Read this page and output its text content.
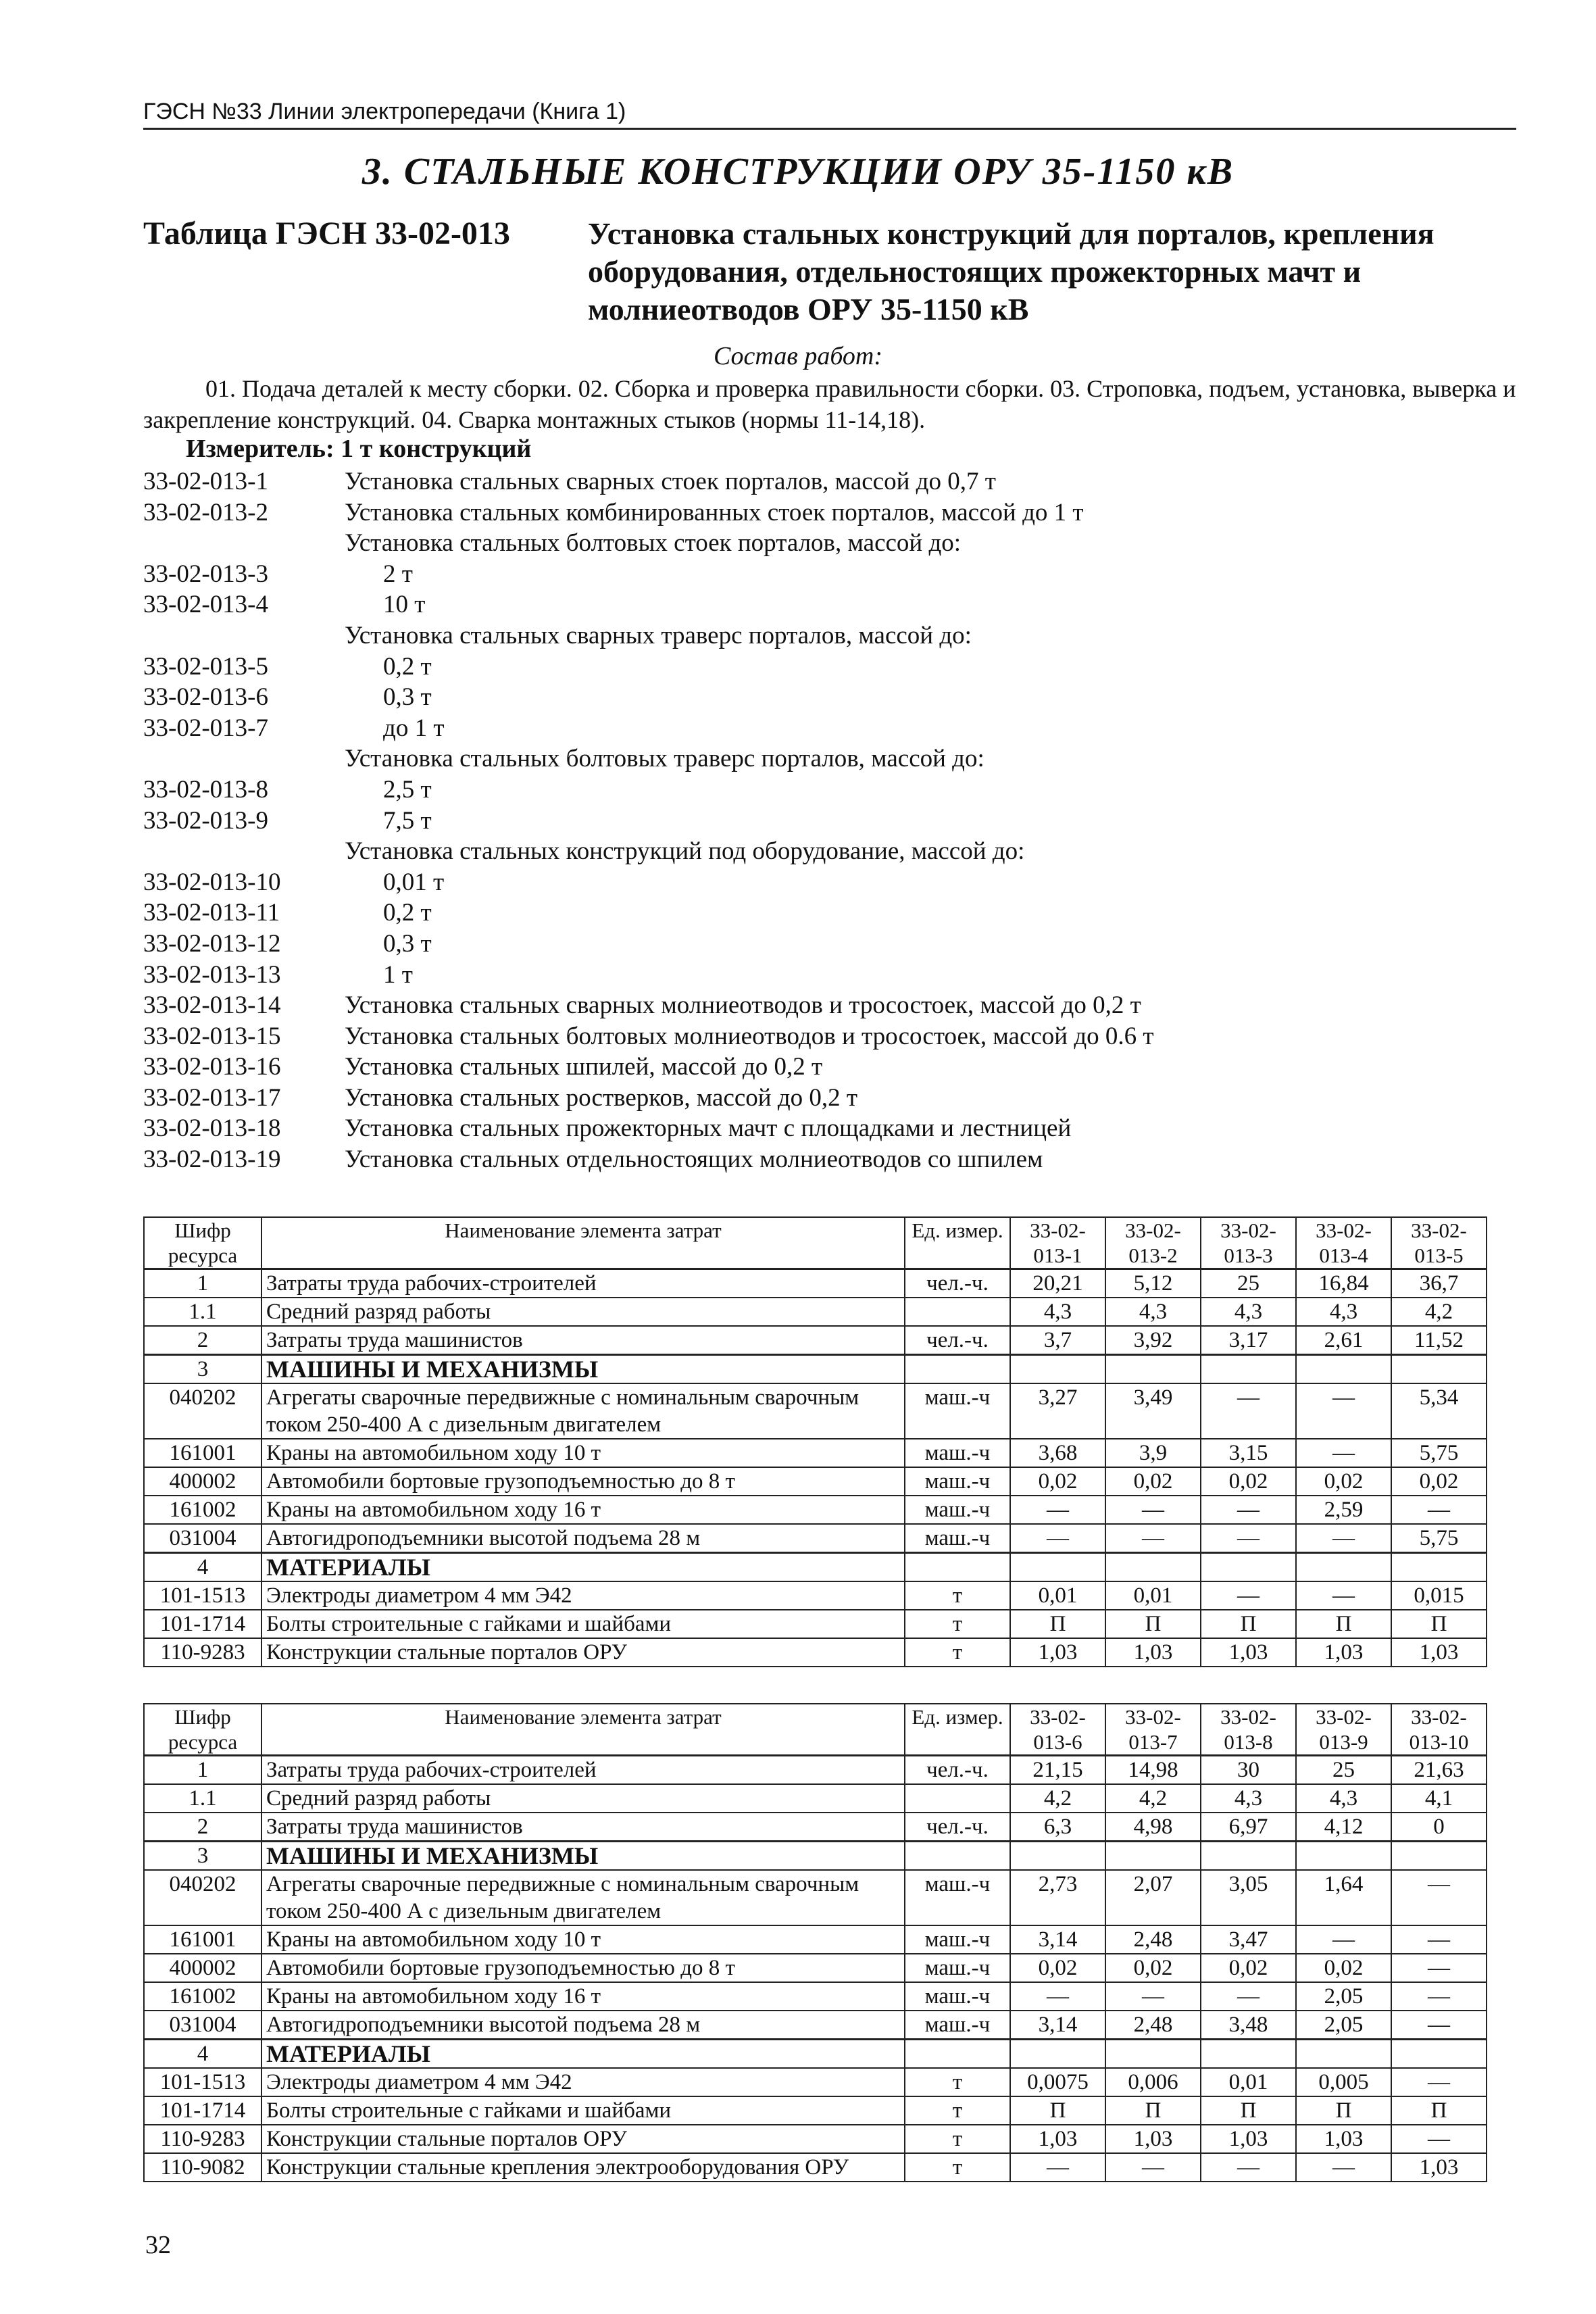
ГЭСН №33 Линии электропередачи (Книга 1)
3. СТАЛЬНЫЕ КОНСТРУКЦИИ ОРУ 35-1150 кВ
Таблица ГЭСН 33-02-013	Установка стальных конструкций для порталов, крепления оборудования, отдельностоящих прожекторных мачт и молниеотводов ОРУ 35-1150 кВ
Состав работ:
01. Подача деталей к месту сборки. 02. Сборка и проверка правильности сборки. 03. Строповка, подъем, установка, выверка и закрепление конструкций. 04. Сварка монтажных стыков (нормы 11-14,18).
Измеритель: 1 т конструкций
33-02-013-1	Установка стальных сварных стоек порталов, массой до 0,7 т
33-02-013-2	Установка стальных комбинированных стоек порталов, массой до 1 т
Установка стальных болтовых стоек порталов, массой до:
33-02-013-3	2 т
33-02-013-4	10 т
Установка стальных сварных траверс порталов, массой до:
33-02-013-5	0,2 т
33-02-013-6	0,3 т
33-02-013-7	до 1 т
Установка стальных болтовых траверс порталов, массой до:
33-02-013-8	2,5 т
33-02-013-9	7,5 т
Установка стальных конструкций под оборудование, массой до:
33-02-013-10	0,01 т
33-02-013-11	0,2 т
33-02-013-12	0,3 т
33-02-013-13	1 т
33-02-013-14	Установка стальных сварных молниеотводов и тросостоек, массой до 0,2 т
33-02-013-15	Установка стальных болтовых молниеотводов и тросостоек, массой до 0.6 т
33-02-013-16	Установка стальных шпилей, массой до 0,2 т
33-02-013-17	Установка стальных ростверков, массой до 0,2 т
33-02-013-18	Установка стальных прожекторных мачт с площадками и лестницей
33-02-013-19	Установка стальных отдельностоящих молниеотводов со шпилем
Шифр ресурса	Наименование элемента затрат	Ед. измер.	33-02-013-1	33-02-013-2	33-02-013-3	33-02-013-4	33-02-013-5
1	Затраты труда рабочих-строителей	чел.-ч.	20,21	5,12	25	16,84	36,7
1.1	Средний разряд работы		4,3	4,3	4,3	4,3	4,2
2	Затраты труда машинистов	чел.-ч.	3,7	3,92	3,17	2,61	11,52
3	МАШИНЫ И МЕХАНИЗМЫ						
040202	Агрегаты сварочные передвижные с номинальным сварочным током 250-400 А с дизельным двигателем	маш.-ч	3,27	3,49	—	—	5,34
161001	Краны на автомобильном ходу 10 т	маш.-ч	3,68	3,9	3,15	—	5,75
400002	Автомобили бортовые грузоподъемностью до 8 т	маш.-ч	0,02	0,02	0,02	0,02	0,02
161002	Краны на автомобильном ходу 16 т	маш.-ч	—	—	—	2,59	—
031004	Автогидроподъемники высотой подъема 28 м	маш.-ч	—	—	—	—	5,75
4	МАТЕРИАЛЫ						
101-1513	Электроды диаметром 4 мм Э42	т	0,01	0,01	—	—	0,015
101-1714	Болты строительные с гайками и шайбами	т	П	П	П	П	П
110-9283	Конструкции стальные порталов ОРУ	т	1,03	1,03	1,03	1,03	1,03
Шифр ресурса	Наименование элемента затрат	Ед. измер.	33-02-013-6	33-02-013-7	33-02-013-8	33-02-013-9	33-02-013-10
1	Затраты труда рабочих-строителей	чел.-ч.	21,15	14,98	30	25	21,63
1.1	Средний разряд работы		4,2	4,2	4,3	4,3	4,1
2	Затраты труда машинистов	чел.-ч.	6,3	4,98	6,97	4,12	0
3	МАШИНЫ И МЕХАНИЗМЫ						
040202	Агрегаты сварочные передвижные с номинальным сварочным током 250-400 А с дизельным двигателем	маш.-ч	2,73	2,07	3,05	1,64	—
161001	Краны на автомобильном ходу 10 т	маш.-ч	3,14	2,48	3,47	—	—
400002	Автомобили бортовые грузоподъемностью до 8 т	маш.-ч	0,02	0,02	0,02	0,02	—
161002	Краны на автомобильном ходу 16 т	маш.-ч	—	—	—	2,05	—
031004	Автогидроподъемники высотой подъема 28 м	маш.-ч	3,14	2,48	3,48	2,05	—
4	МАТЕРИАЛЫ						
101-1513	Электроды диаметром 4 мм Э42	т	0,0075	0,006	0,01	0,005	—
101-1714	Болты строительные с гайками и шайбами	т	П	П	П	П	П
110-9283	Конструкции стальные порталов ОРУ	т	1,03	1,03	1,03	1,03	—
110-9082	Конструкции стальные крепления электрооборудования ОРУ	т	—	—	—	—	1,03
32
